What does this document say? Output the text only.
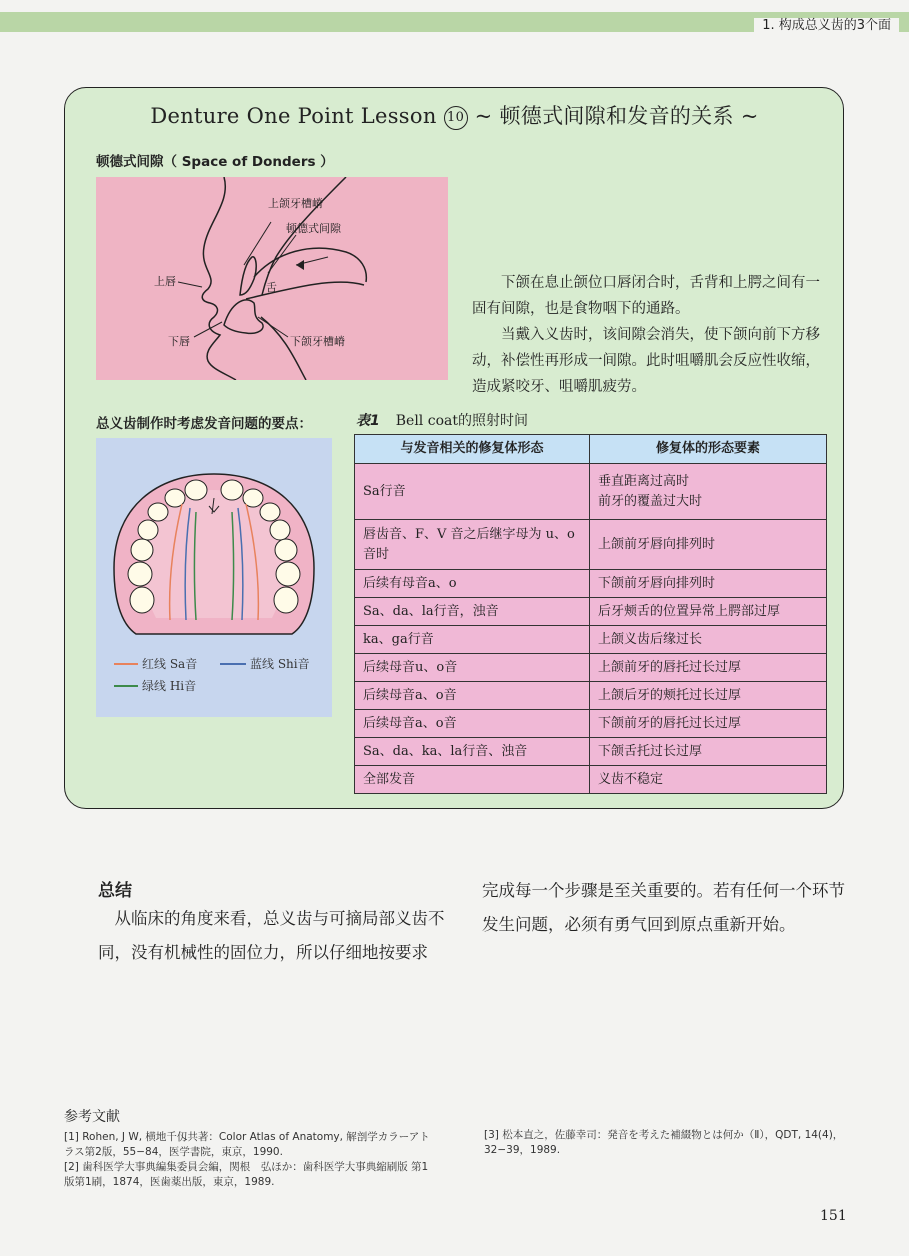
1. 构成总义齿的3个面
Denture One Point Lesson 10 ~ 顿德式间隙和发音的关系 ~
顿德式间隙（ Space of Donders ）
上颌牙槽嵴
顿德式间隙
上唇	舌
下唇	下颌牙槽嵴

下颌在息止颌位口唇闭合时，舌背和上腭之间有一固有间隙，也是食物咽下的通路。

当戴入义齿时，该间隙会消失，使下颌向前下方移动，补偿性再形成一间隙。此时咀嚼肌会反应性收缩，造成紧咬牙、咀嚼肌疲劳。

总义齿制作时考虑发音问题的要点：
红线 Sa音	蓝线 Shi音
绿线 Hi音
表1 Bell coat的照射时间
与发音相关的修复体形态	修复体的形态要素
Sa行音	垂直距离过高时
前牙的覆盖过大时
唇齿音、F、V 音之后继字母为 u、o 音时	上颌前牙唇向排列时
后续有母音a、o	下颌前牙唇向排列时
Sa、da、la行音，浊音	后牙颊舌的位置异常上腭部过厚
ka、ga行音	上颌义齿后缘过长
后续母音u、o音	上颌前牙的唇托过长过厚
后续母音a、o音	上颌后牙的颊托过长过厚
后续母音a、o音	下颌前牙的唇托过长过厚
Sa、da、ka、la行音、浊音	下颌舌托过长过厚
全部发音	义齿不稳定
总结

　从临床的角度来看，总义齿与可摘局部义齿不同，没有机械性的固位力，所以仔细地按要求

完成每一个步骤是至关重要的。若有任何一个环节发生问题，必须有勇气回到原点重新开始。
参考文献
[1] Rohen, J W, 横地千仭共著：Color Atlas of Anatomy, 解剖学カラーアトラス第2版，55−84，医学書院，東京，1990.
[2] 歯科医学大事典編集委員会編，関根　弘ほか：歯科医学大事典縮刷版 第1版第1刷，1874，医歯薬出版，東京，1989.
[3] 松本直之，佐藤幸司：発音を考えた補綴物とは何か（Ⅱ），QDT, 14(4)，32−39，1989.
151
